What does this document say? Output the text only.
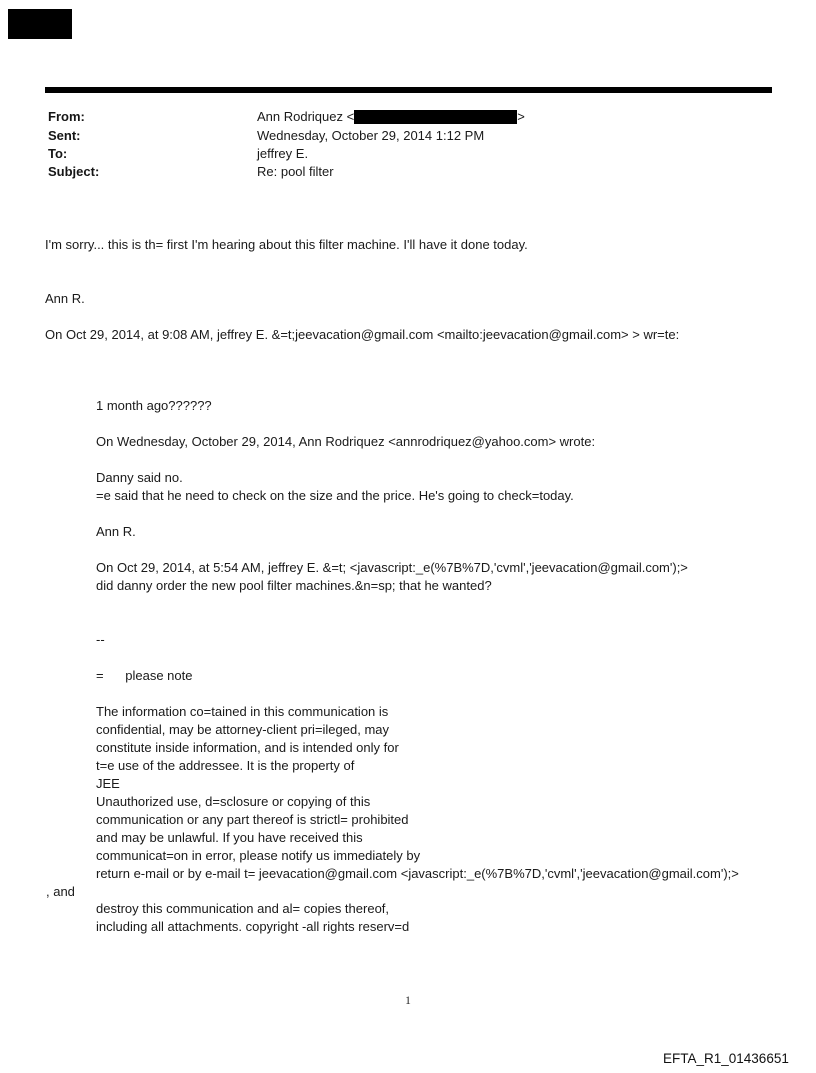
From:	Ann Rodriquez <	>
Sent:	Wednesday, October 29, 2014 1:12 PM
To:	jeffrey E.
Subject:	Re: pool filter
I'm sorry... this is th= first I'm hearing about this filter machine. I'll have it done today.
Ann R.
On Oct 29, 2014, at 9:08 AM, jeffrey E. &=t;jeevacation@gmail.com <mailto:jeevacation@gmail.com> > wr=te:
1 month ago??????
On Wednesday, October 29, 2014, Ann Rodriquez <annrodriquez@yahoo.com> wrote:
Danny said no.
=e said that he need to check on the size and the price. He's going to check=today.
Ann R.
On Oct 29, 2014, at 5:54 AM, jeffrey E. &=t; <javascript:_e(%7B%7D,'cvml','jeevacation@gmail.com');>
did danny order the new pool filter machines.&n=sp; that he wanted?
--
=      please note
The information co=tained in this communication is
confidential, may be attorney-client pri=ileged, may
constitute inside information, and is intended only for
t=e use of the addressee. It is the property of
JEE
Unauthorized use, d=sclosure or copying of this
communication or any part thereof is strictl= prohibited
and may be unlawful. If you have received this
communicat=on in error, please notify us immediately by
return e-mail or by e-mail t= jeevacation@gmail.com <javascript:_e(%7B%7D,'cvml','jeevacation@gmail.com');>
, and
destroy this communication and al= copies thereof,
including all attachments. copyright -all rights reserv=d
1
EFTA_R1_01436651
